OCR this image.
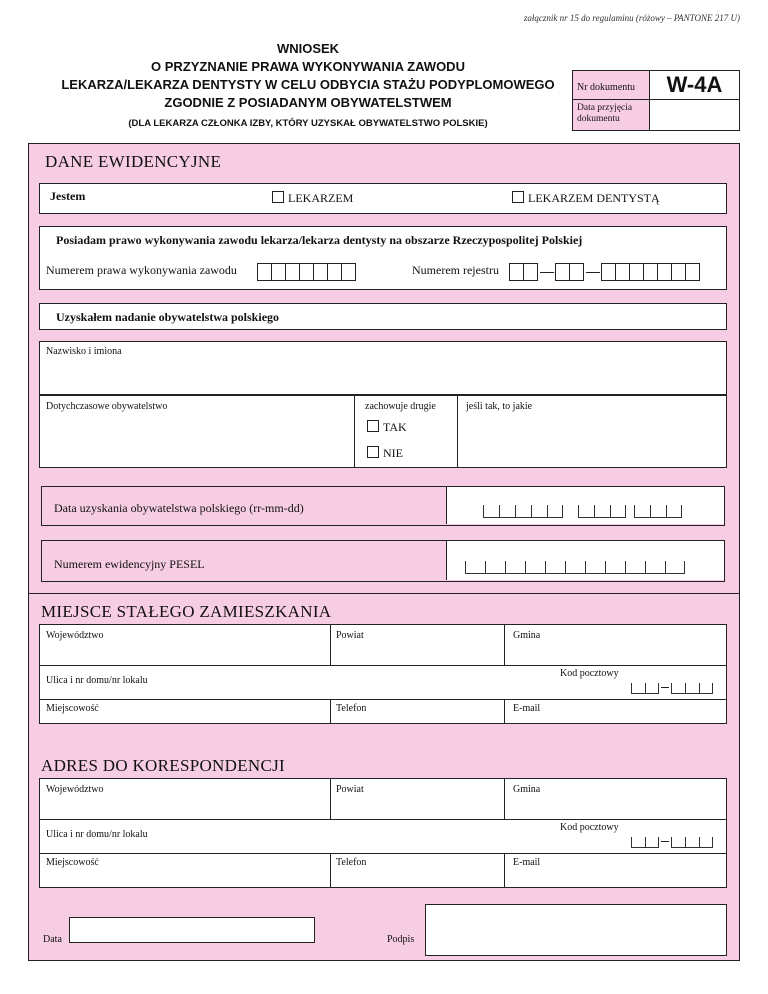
załącznik nr 15 do regulaminu (różowy – PANTONE 217 U)
WNIOSEK
O PRZYZNANIE PRAWA WYKONYWANIA ZAWODU
LEKARZA/LEKARZA DENTYSTY W CELU ODBYCIA STAŻU PODYPLOMOWEGO
ZGODNIE Z POSIADANYM OBYWATELSTWEM
(DLA LEKARZA CZŁONKA IZBY, KTÓRY UZYSKAŁ OBYWATELSTWO POLSKIE)
Nr dokumentu	W-4A
Data przyjęcia dokumentu
DANE EWIDENCYJNE
Jestem	LEKARZEM	LEKARZEM DENTYSTĄ
Posiadam prawo wykonywania zawodu lekarza/lekarza dentysty na obszarze Rzeczypospolitej Polskiej
Numerem prawa wykonywania zawodu	Numerem rejestru
Uzyskałem nadanie obywatelstwa polskiego
Nazwisko i imiona
Dotychczasowe obywatelstwo	zachowuje drugie
TAK
NIE
jeśli tak, to jakie
Data uzyskania obywatelstwa polskiego (rr-mm-dd)
Numerem ewidencyjny PESEL
MIEJSCE STAŁEGO ZAMIESZKANIA
Województwo	Powiat	Gmina
Ulica i nr domu/nr lokalu
Kod pocztowy
Miejscowość	Telefon	E-mail
ADRES DO KORESPONDENCJI
Województwo	Powiat	Gmina
Ulica i nr domu/nr lokalu
Kod pocztowy
Miejscowość	Telefon	E-mail
Data	Podpis
